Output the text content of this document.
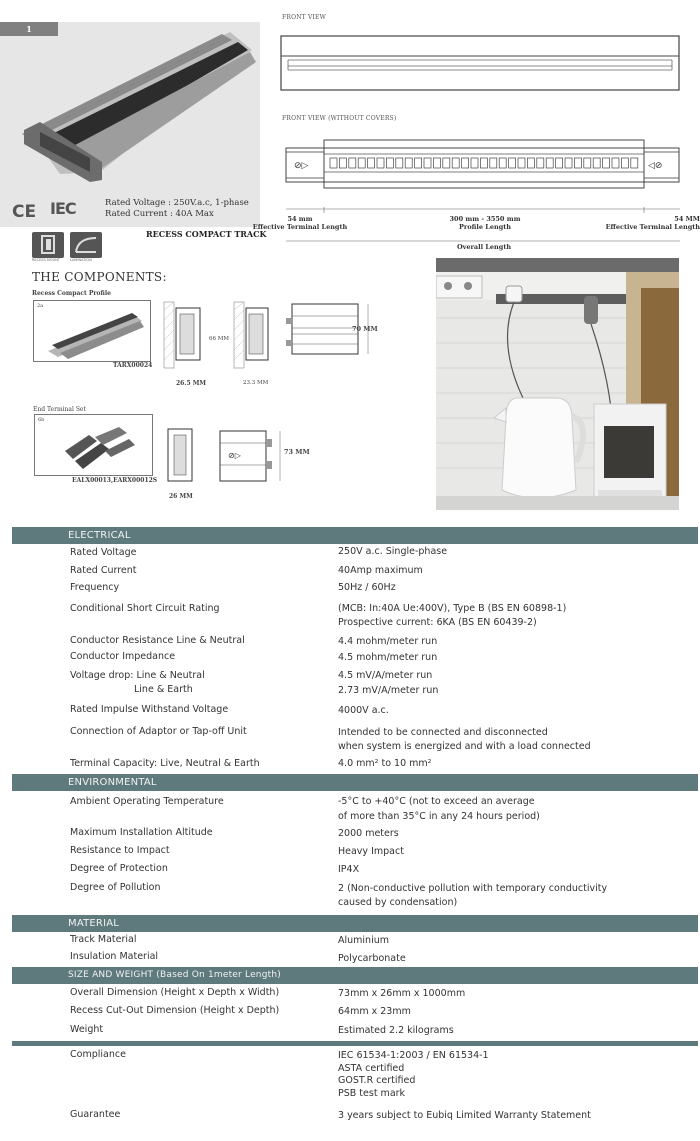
1
CE IEC	Rated Voltage : 250V.a.c, 1-phase
Rated Current : 40A Max
RECESS COMPACT TRACK
RECESS MOUNT	LAMINATION
FRONT VIEW
FRONT VIEW (WITHOUT COVERS)
⊘▷	◁⊘
54 mm
Effective Terminal Length
300 mm - 3550 mm
Profile Length
54 MM
Effective Terminal Length
Overall Length
THE COMPONENTS:
Recess Compact Profile
2a
TARX00024
66 MM
26.5 MM	23.3 MM
70 MM
End Terminal Set
6b
EALX00013,EARX00012S
⊘▷	73 MM
26 MM
ELECTRICAL
Rated Voltage	250V a.c. Single-phase
Rated Current	40Amp maximum
Frequency	50Hz / 60Hz
Conditional Short Circuit Rating	(MCB: In:40A Ue:400V), Type B (BS EN 60898-1)
Prospective current: 6KA (BS EN 60439-2)
Conductor Resistance Line & Neutral	4.4 mohm/meter run
Conductor Impedance	4.5 mohm/meter run
Voltage drop: Line & Neutral	4.5 mV/A/meter run
Line & Earth	2.73 mV/A/meter run
Rated Impulse Withstand Voltage	4000V a.c.
Connection of Adaptor or Tap-off Unit	Intended to be connected and disconnected
when system is energized and with a load connected
Terminal Capacity: Live, Neutral & Earth	4.0 mm² to 10 mm²
ENVIRONMENTAL
Ambient Operating Temperature	-5°C to +40°C (not to exceed an average
of more than 35°C in any 24 hours period)
Maximum Installation Altitude	2000 meters
Resistance to Impact	Heavy Impact
Degree of Protection	IP4X
Degree of Pollution	2 (Non-conductive pollution with temporary conductivity
caused by condensation)
MATERIAL
Track Material	Aluminium
Insulation Material	Polycarbonate
SIZE AND WEIGHT (Based On 1meter Length)
Overall Dimension (Height x Depth x Width)	73mm x 26mm x 1000mm
Recess Cut-Out Dimension (Height x Depth)	64mm x 23mm
Weight	Estimated 2.2 kilograms
Compliance	IEC 61534-1:2003 / EN 61534-1
ASTA certified
GOST.R certified
PSB test mark
Guarantee	3 years subject to Eubiq Limited Warranty Statement
